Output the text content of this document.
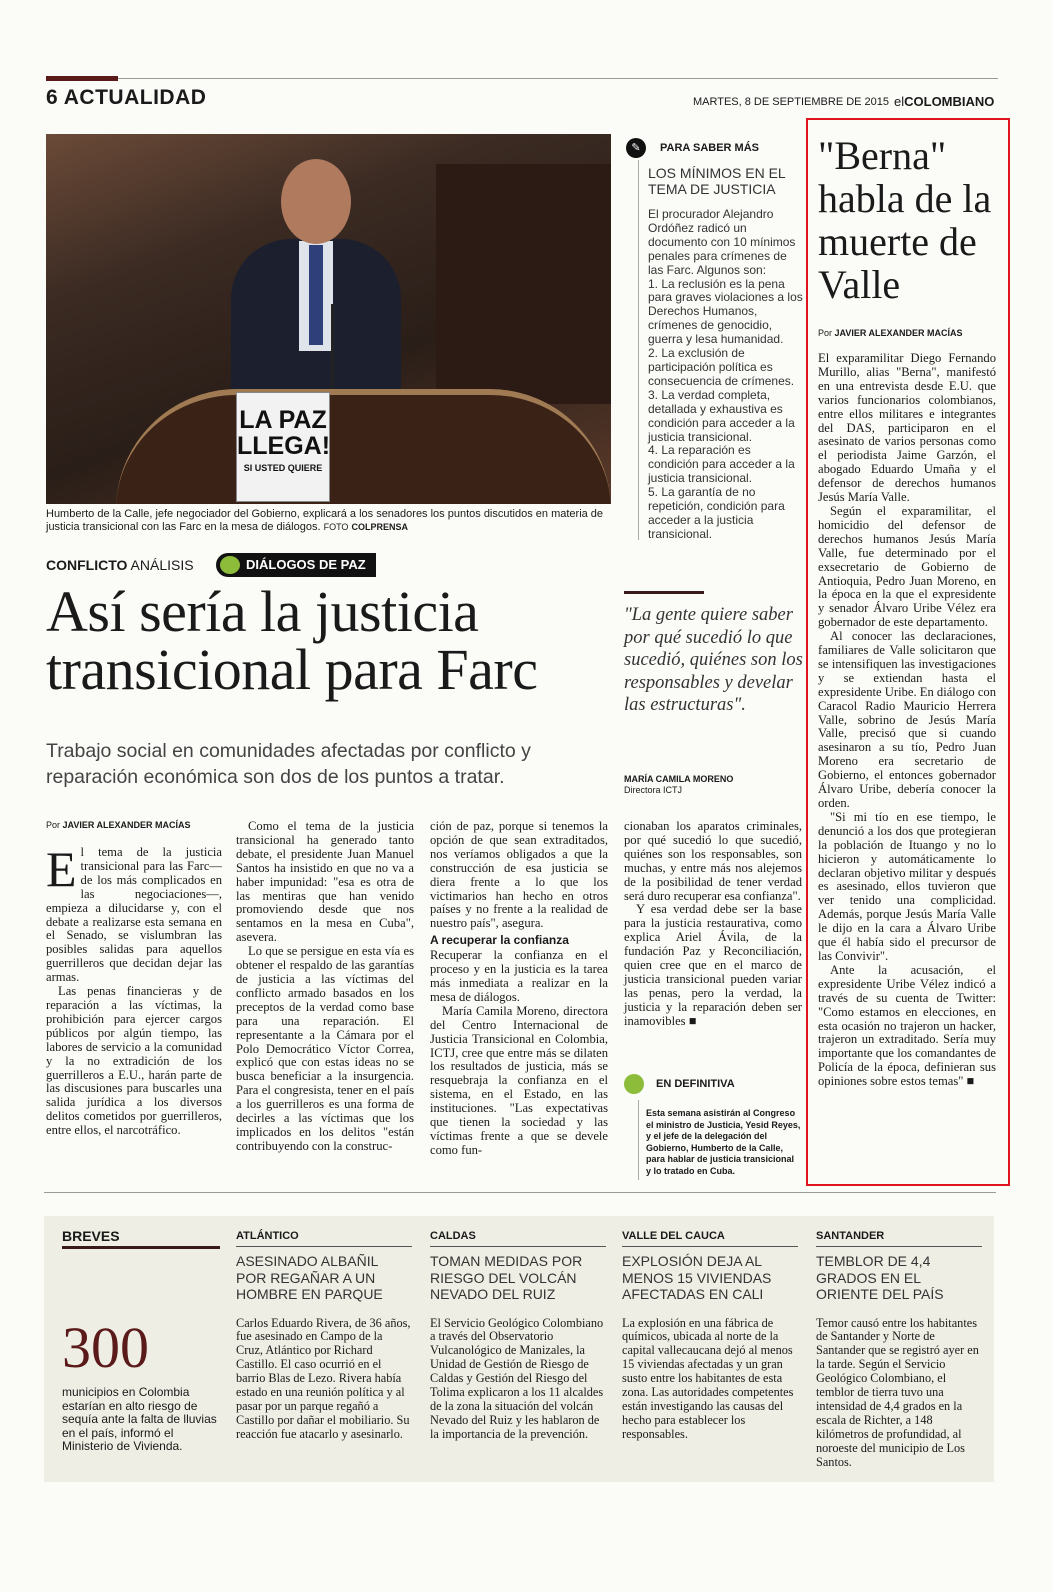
6 ACTUALIDAD	MARTES, 8 DE SEPTIEMBRE DE 2015 elCOLOMBIANO
LA PAZ
LLEGA!
SI USTED QUIERE
Humberto de la Calle, jefe negociador del Gobierno, explicará a los senadores los puntos discutidos en materia de justicia transicional con las Farc en la mesa de diálogos. FOTO COLPRENSA
CONFLICTO ANÁLISIS	DIÁLOGOS DE PAZ
Así sería la justicia transicional para Farc
Trabajo social en comunidades afectadas por conflicto y reparación económica son dos de los puntos a tratar.
Por JAVIER ALEXANDER MACÍAS

El tema de la justicia transicional para las Farc— de los más complicados en las negociaciones—, empieza a dilucidarse y, con el debate a realizarse esta semana en el Senado, se vislumbran las posibles salidas para aquellos guerrilleros que decidan dejar las armas.

Las penas financieras y de reparación a las víctimas, la prohibición para ejercer cargos públicos por algún tiempo, las labores de servicio a la comunidad y la no extradición de los guerrilleros a E.U., harán parte de las discusiones para buscarles una salida jurídica a los diversos delitos cometidos por guerrilleros, entre ellos, el narcotráfico.

Como el tema de la justicia transicional ha generado tanto debate, el presidente Juan Manuel Santos ha insistido en que no va a haber impunidad: "esa es otra de las mentiras que han venido promoviendo desde que nos sentamos en la mesa en Cuba", asevera.

Lo que se persigue en esta vía es obtener el respaldo de las garantías de justicia a las víctimas del conflicto armado basados en los preceptos de la verdad como base para una reparación. El representante a la Cámara por el Polo Democrático Víctor Correa, explicó que con estas ideas no se busca beneficiar a la insurgencia. Para el congresista, tener en el país a los guerrilleros es una forma de decirles a las víctimas que los implicados en los delitos "están contribuyendo con la construc-

ción de paz, porque si tenemos la opción de que sean extraditados, nos veríamos obligados a que la construcción de esa justicia se diera frente a lo que los victimarios han hecho en otros países y no frente a la realidad de nuestro país", asegura.

A recuperar la confianza

Recuperar la confianza en el proceso y en la justicia es la tarea más inmediata a realizar en la mesa de diálogos.

María Camila Moreno, directora del Centro Internacional de Justicia Transicional en Colombia, ICTJ, cree que entre más se dilaten los resultados de justicia, más se resquebraja la confianza en el sistema, en el Estado, en las instituciones. "Las expectativas que tienen la sociedad y las víctimas frente a que se devele como fun-

cionaban los aparatos criminales, por qué sucedió lo que sucedió, quiénes son los responsables, son muchas, y entre más nos alejemos de la posibilidad de tener verdad será duro recuperar esa confianza".

Y esa verdad debe ser la base para la justicia restaurativa, como explica Ariel Ávila, de la fundación Paz y Reconciliación, quien cree que en el marco de justicia transicional pueden variar las penas, pero la verdad, la justicia y la reparación deben ser inamovibles ■

✎	PARA SABER MÁS
LOS MÍNIMOS EN EL TEMA DE JUSTICIA

El procurador Alejandro Ordóñez radicó un documento con 10 mínimos penales para crímenes de las Farc. Algunos son:

1. La reclusión es la pena para graves violaciones a los Derechos Humanos, crímenes de genocidio, guerra y lesa humanidad.

2. La exclusión de participación política es consecuencia de crímenes.

3. La verdad completa, detallada y exhaustiva es condición para acceder a la justicia transicional.

4. La reparación es condición para acceder a la justicia transicional.

5. La garantía de no repetición, condición para acceder a la justicia transicional.

"La gente quiere saber por qué sucedió lo que sucedió, quiénes son los responsables y develar las estructuras".
MARÍA CAMILA MORENO
Directora ICTJ
EN DEFINITIVA
Esta semana asistirán al Congreso el ministro de Justicia, Yesid Reyes, y el jefe de la delegación del Gobierno, Humberto de la Calle, para hablar de justicia transicional y lo tratado en Cuba.
"Berna" habla de la muerte de Valle
Por JAVIER ALEXANDER MACÍAS

El exparamilitar Diego Fernando Murillo, alias "Berna", manifestó en una entrevista desde E.U. que varios funcionarios colombianos, entre ellos militares e integrantes del DAS, participaron en el asesinato de varios personas como el periodista Jaime Garzón, el abogado Eduardo Umaña y el defensor de derechos humanos Jesús María Valle.

Según el exparamilitar, el homicidio del defensor de derechos humanos Jesús María Valle, fue determinado por el exsecretario de Gobierno de Antioquia, Pedro Juan Moreno, en la época en la que el expresidente y senador Álvaro Uribe Vélez era gobernador de este departamento.

Al conocer las declaraciones, familiares de Valle solicitaron que se intensifiquen las investigaciones y se extiendan hasta el expresidente Uribe. En diálogo con Caracol Radio Mauricio Herrera Valle, sobrino de Jesús María Valle, precisó que si cuando asesinaron a su tío, Pedro Juan Moreno era secretario de Gobierno, el entonces gobernador Álvaro Uribe, debería conocer la orden.

"Si mi tío en ese tiempo, le denunció a los dos que protegieran la población de Ituango y no lo hicieron y automáticamente lo declaran objetivo militar y después es asesinado, ellos tuvieron que ver tenido una complicidad. Además, porque Jesús María Valle le dijo en la cara a Álvaro Uribe que él había sido el precursor de las Convivir".

Ante la acusación, el expresidente Uribe Vélez indicó a través de su cuenta de Twitter: "Como estamos en elecciones, en esta ocasión no trajeron un hacker, trajeron un extraditado. Sería muy importante que los comandantes de Policía de la época, definieran sus opiniones sobre estos temas" ■

BREVES
300
municipios en Colombia estarían en alto riesgo de sequía ante la falta de lluvias en el país, informó el Ministerio de Vivienda.
ATLÁNTICO
ASESINADO ALBAÑIL POR REGAÑAR A UN HOMBRE EN PARQUE
Carlos Eduardo Rivera, de 36 años, fue asesinado en Campo de la Cruz, Atlántico por Richard Castillo. El caso ocurrió en el barrio Blas de Lezo. Rivera había estado en una reunión política y al pasar por un parque regañó a Castillo por dañar el mobiliario. Su reacción fue atacarlo y asesinarlo.
CALDAS
TOMAN MEDIDAS POR RIESGO DEL VOLCÁN NEVADO DEL RUIZ
El Servicio Geológico Colombiano a través del Observatorio Vulcanológico de Manizales, la Unidad de Gestión de Riesgo de Caldas y Gestión del Riesgo del Tolima explicaron a los 11 alcaldes de la zona la situación del volcán Nevado del Ruiz y les hablaron de la importancia de la prevención.
VALLE DEL CAUCA
EXPLOSIÓN DEJA AL MENOS 15 VIVIENDAS AFECTADAS EN CALI
La explosión en una fábrica de químicos, ubicada al norte de la capital vallecaucana dejó al menos 15 viviendas afectadas y un gran susto entre los habitantes de esta zona. Las autoridades competentes están investigando las causas del hecho para establecer los responsables.
SANTANDER
TEMBLOR DE 4,4 GRADOS EN EL ORIENTE DEL PAÍS
Temor causó entre los habitantes de Santander y Norte de Santander que se registró ayer en la tarde. Según el Servicio Geológico Colombiano, el temblor de tierra tuvo una intensidad de 4,4 grados en la escala de Richter, a 148 kilómetros de profundidad, al noroeste del municipio de Los Santos.
